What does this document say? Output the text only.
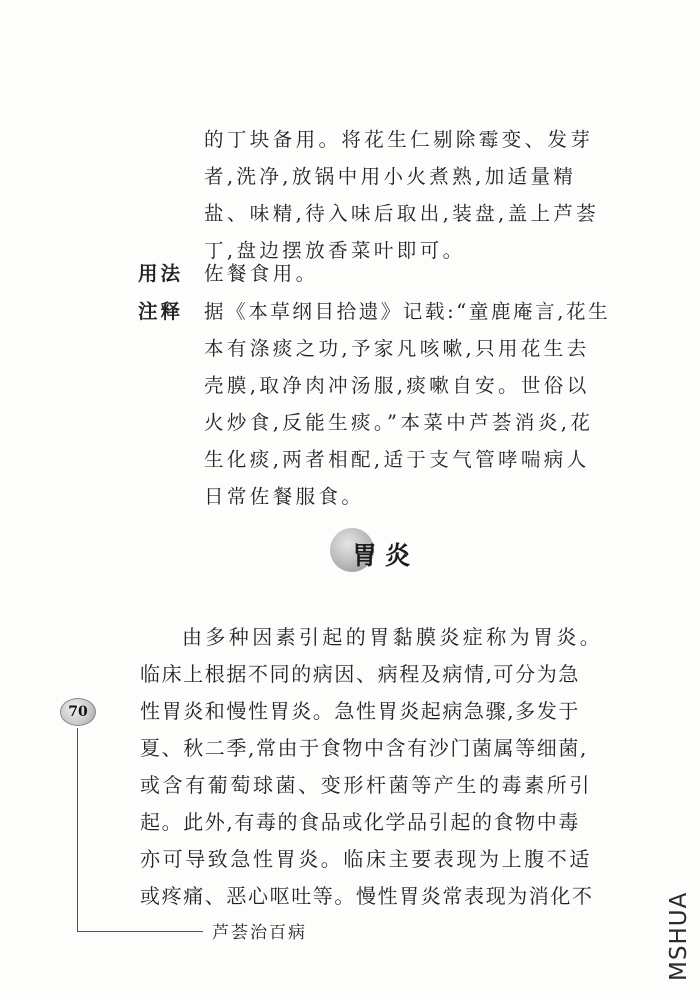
的丁块备用。将花生仁剔除霉变、发芽
者,洗净,放锅中用小火煮熟,加适量精
盐、味精,待入味后取出,装盘,盖上芦荟
丁,盘边摆放香菜叶即可。
用法 佐餐食用。
注释 据《本草纲目拾遗》记载:“童鹿庵言,花生
本有涤痰之功,予家凡咳嗽,只用花生去
壳膜,取净肉冲汤服,痰嗽自安。世俗以
火炒食,反能生痰。”本菜中芦荟消炎,花
生化痰,两者相配,适于支气管哮喘病人
日常佐餐服食。
胃炎
由多种因素引起的胃黏膜炎症称为胃炎。
临床上根据不同的病因、病程及病情,可分为急
性胃炎和慢性胃炎。急性胃炎起病急骤,多发于
夏、秋二季,常由于食物中含有沙门菌属等细菌,
或含有葡萄球菌、变形杆菌等产生的毒素所引
起。此外,有毒的食品或化学品引起的食物中毒
亦可导致急性胃炎。临床主要表现为上腹不适
或疼痛、恶心呕吐等。慢性胃炎常表现为消化不
70
芦荟治百病	MSHUA
